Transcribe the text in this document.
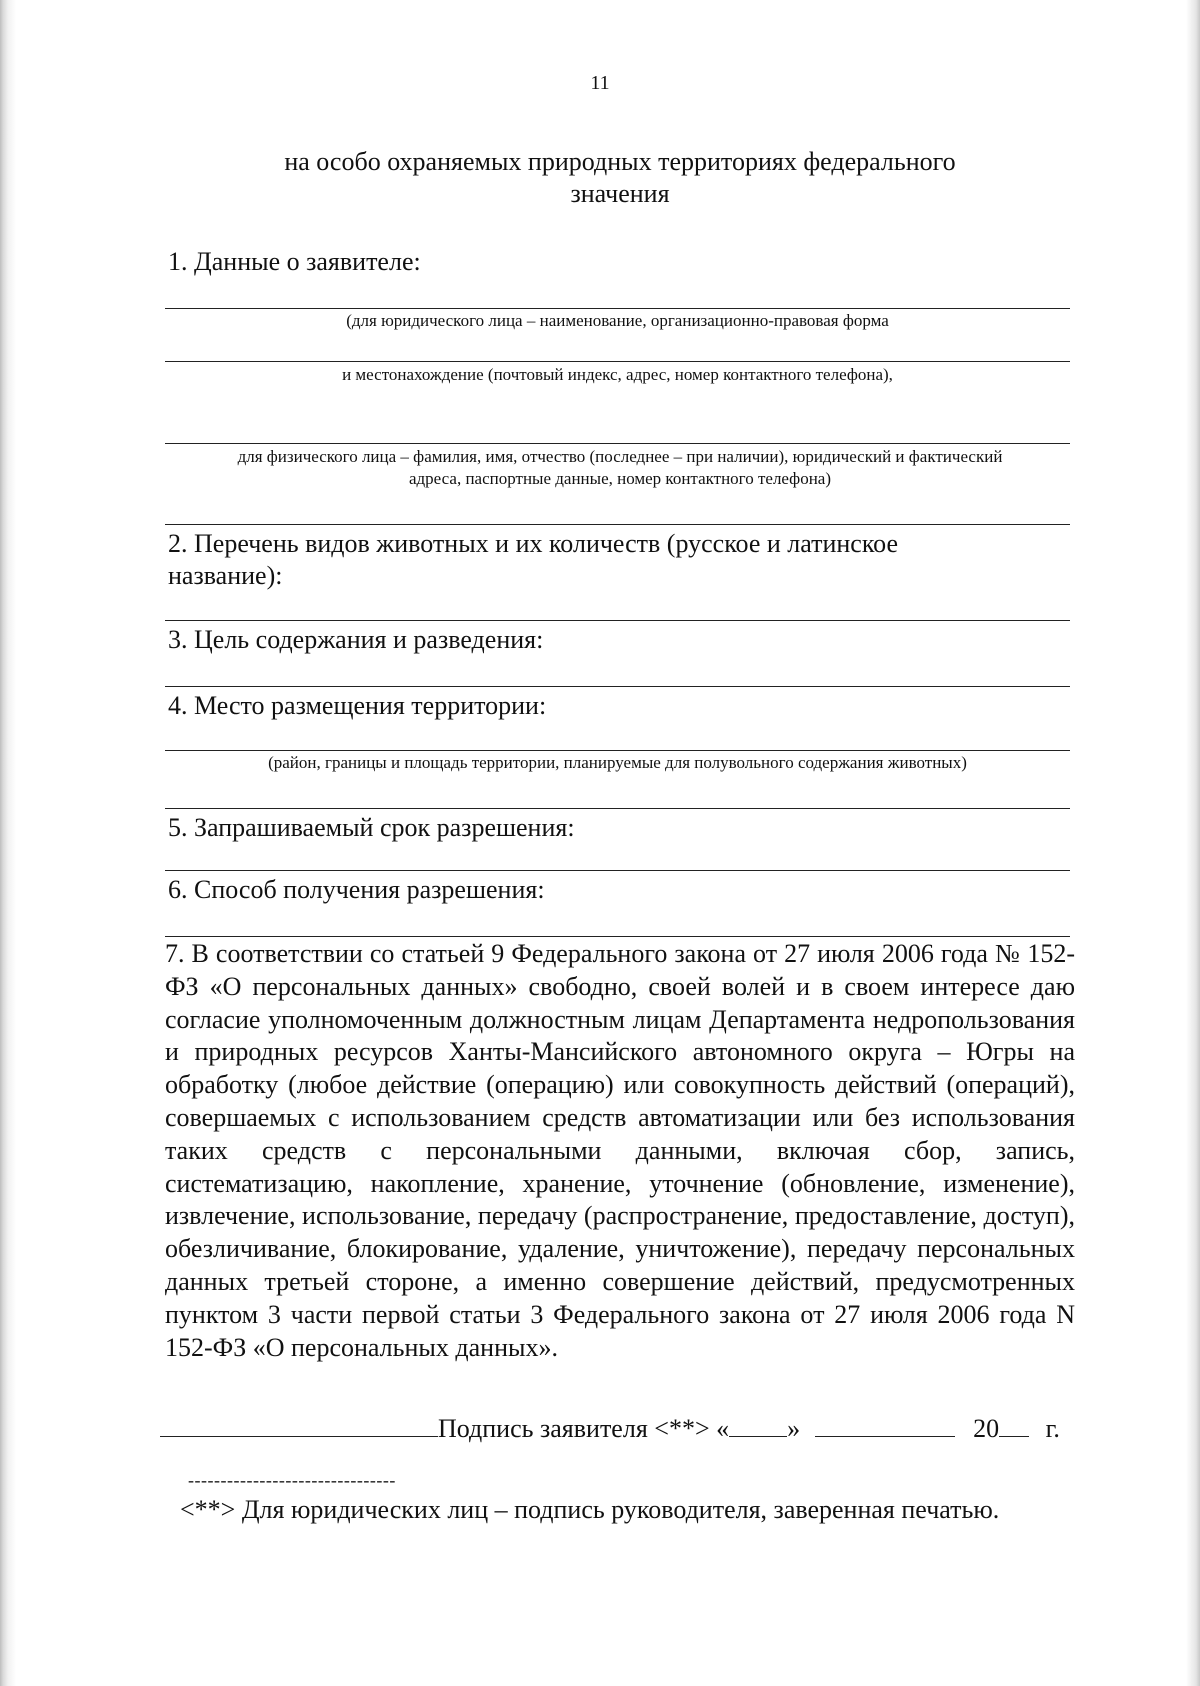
11
на особо охраняемых природных территориях федерального
значения
1. Данные о заявителе:
(для юридического лица – наименование, организационно-правовая форма
и местонахождение (почтовый индекс, адрес, номер контактного телефона),
для физического лица – фамилия, имя, отчество (последнее – при наличии), юридический и фактический
адреса, паспортные данные, номер контактного телефона)
2. Перечень видов животных и их количеств (русское и латинское
название):
3. Цель содержания и разведения:
4. Место размещения территории:
(район, границы и площадь территории, планируемые для полувольного содержания животных)
5. Запрашиваемый срок разрешения:
6. Способ получения разрешения:
7. В соответствии со статьей 9 Федерального закона от 27 июля 2006 года № 152-ФЗ «О персональных данных» свободно, своей волей и в своем интересе даю согласие уполномоченным должностным лицам Департамента недропользования и природных ресурсов Ханты-Мансийского автономного округа – Югры на обработку (любое действие (операцию) или совокупность действий (операций), совершаемых с использованием средств автоматизации или без использования таких средств с персональными данными, включая сбор, запись, систематизацию, накопление, хранение, уточнение (обновление, изменение), извлечение, использование, передачу (распространение, предоставление, доступ), обезличивание, блокирование, удаление, уничтожение), передачу персональных данных третьей стороне, а именно совершение действий, предусмотренных пунктом 3 части первой статьи 3 Федерального закона от 27 июля 2006 года N 152-ФЗ «О персональных данных».
Подпись заявителя <**> « »	20 г.
--------------------------------
<**> Для юридических лиц – подпись руководителя, заверенная печатью.
